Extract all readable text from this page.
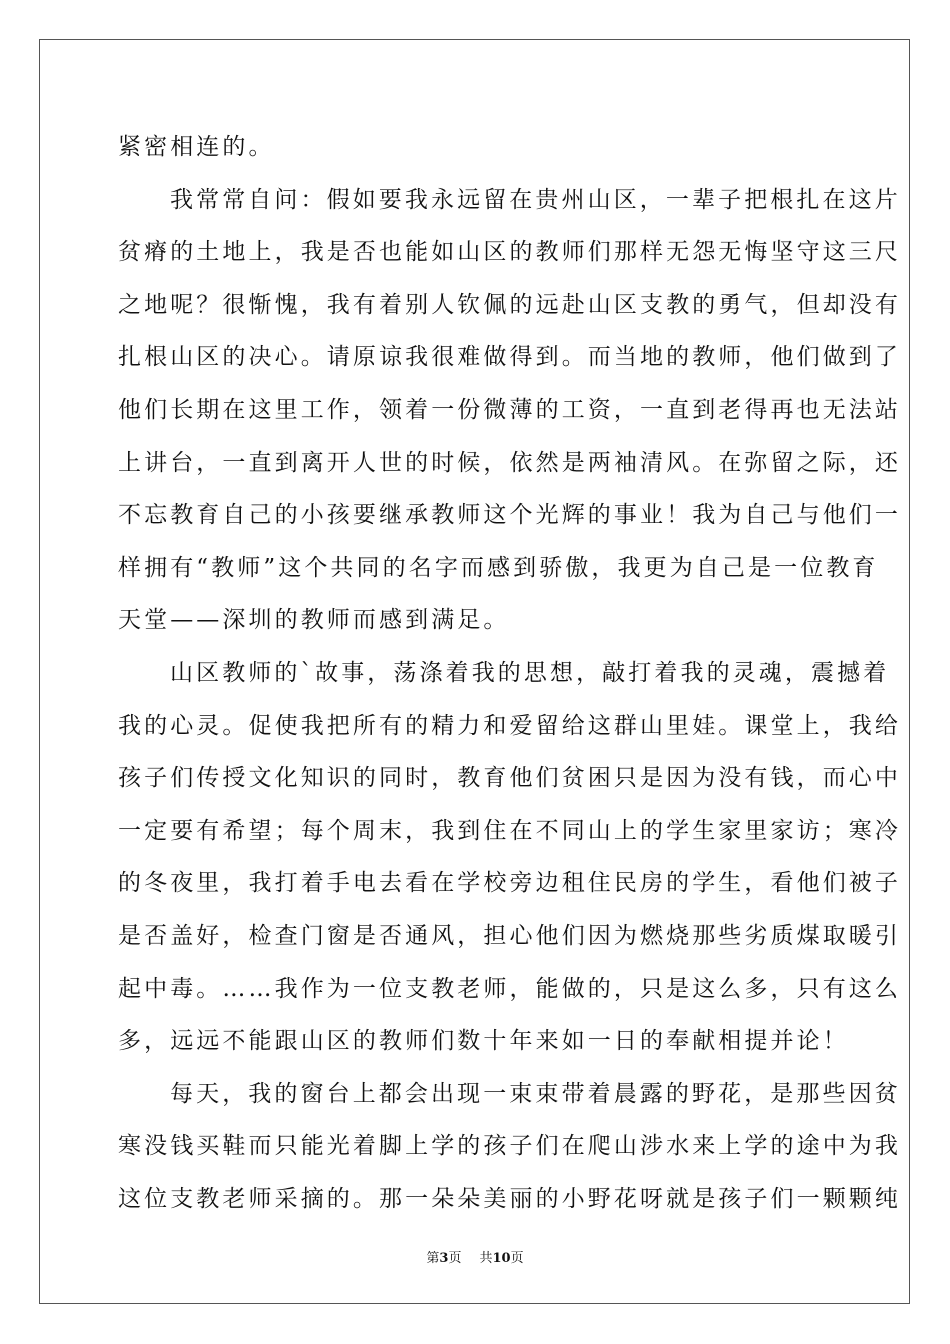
紧密相连的。
我常常自问：假如要我永远留在贵州山区，一辈子把根扎在这片
贫瘠的土地上，我是否也能如山区的教师们那样无怨无悔坚守这三尺
之地呢？很惭愧，我有着别人钦佩的远赴山区支教的勇气，但却没有
扎根山区的决心。请原谅我很难做得到。而当地的教师，他们做到了
他们长期在这里工作，领着一份微薄的工资，一直到老得再也无法站
上讲台，一直到离开人世的时候，依然是两袖清风。在弥留之际，还
不忘教育自己的小孩要继承教师这个光辉的事业！我为自己与他们一
样拥有“教师”这个共同的名字而感到骄傲，我更为自己是一位教育
天堂——深圳的教师而感到满足。
山区教师的`故事，荡涤着我的思想，敲打着我的灵魂，震撼着
我的心灵。促使我把所有的精力和爱留给这群山里娃。课堂上，我给
孩子们传授文化知识的同时，教育他们贫困只是因为没有钱，而心中
一定要有希望；每个周末，我到住在不同山上的学生家里家访；寒冷
的冬夜里，我打着手电去看在学校旁边租住民房的学生，看他们被子
是否盖好，检查门窗是否通风，担心他们因为燃烧那些劣质煤取暖引
起中毒。……我作为一位支教老师，能做的，只是这么多，只有这么
多，远远不能跟山区的教师们数十年来如一日的奉献相提并论！
每天，我的窗台上都会出现一束束带着晨露的野花，是那些因贫
寒没钱买鞋而只能光着脚上学的孩子们在爬山涉水来上学的途中为我
这位支教老师采摘的。那一朵朵美丽的小野花呀就是孩子们一颗颗纯
第3页 共10页
